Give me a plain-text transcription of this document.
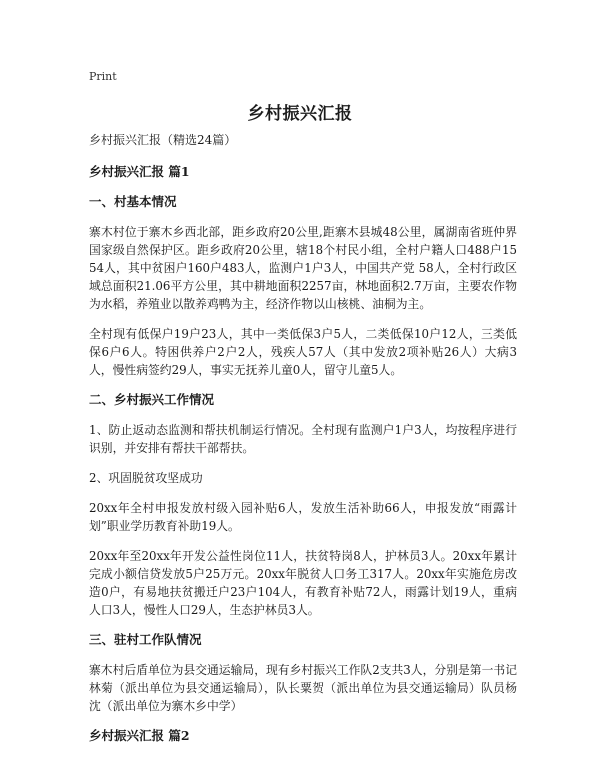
Print
乡村振兴汇报

乡村振兴汇报（精选24篇）

乡村振兴汇报 篇1

一、村基本情况

寨木村位于寨木乡西北部，距乡政府20公里,距寨木县城48公里，属湖南省班仲界国家级自然保护区。距乡政府20公里，辖18个村民小组，全村户籍人口488户1554人，其中贫困户160户483人，监测户1户3人，中国共产党 58人，全村行政区域总面积21.06平方公里，其中耕地面积2257亩，林地面积2.7万亩，主要农作物为水稻，养殖业以散养鸡鸭为主，经济作物以山核桃、油桐为主。

全村现有低保户19户23人，其中一类低保3户5人，二类低保10户12人，三类低保6户6人。特困供养户2户2人，残疾人57人（其中发放2项补贴26人）大病3人，慢性病签约29人，事实无抚养儿童0人，留守儿童5人。

二、乡村振兴工作情况

1、防止返动态监测和帮扶机制运行情况。全村现有监测户1户3人，均按程序进行识别，并安排有帮扶干部帮扶。

2、巩固脱贫攻坚成功

20xx年全村申报发放村级入园补贴6人，发放生活补助66人，申报发放“雨露计划”职业学历教育补助19人。

20xx年至20xx年开发公益性岗位11人，扶贫特岗8人，护林员3人。20xx年累计完成小额信贷发放5户25万元。20xx年脱贫人口务工317人。20xx年实施危房改造0户，有易地扶贫搬迁户23户104人，有教育补贴72人，雨露计划19人，重病人口3人，慢性人口29人，生态护林员3人。

三、驻村工作队情况

寨木村后盾单位为县交通运输局，现有乡村振兴工作队2支共3人，分别是第一书记林菊（派出单位为县交通运输局），队长粟贺（派出单位为县交通运输局）队员杨沈（派出单位为寨木乡中学）

乡村振兴汇报 篇2
